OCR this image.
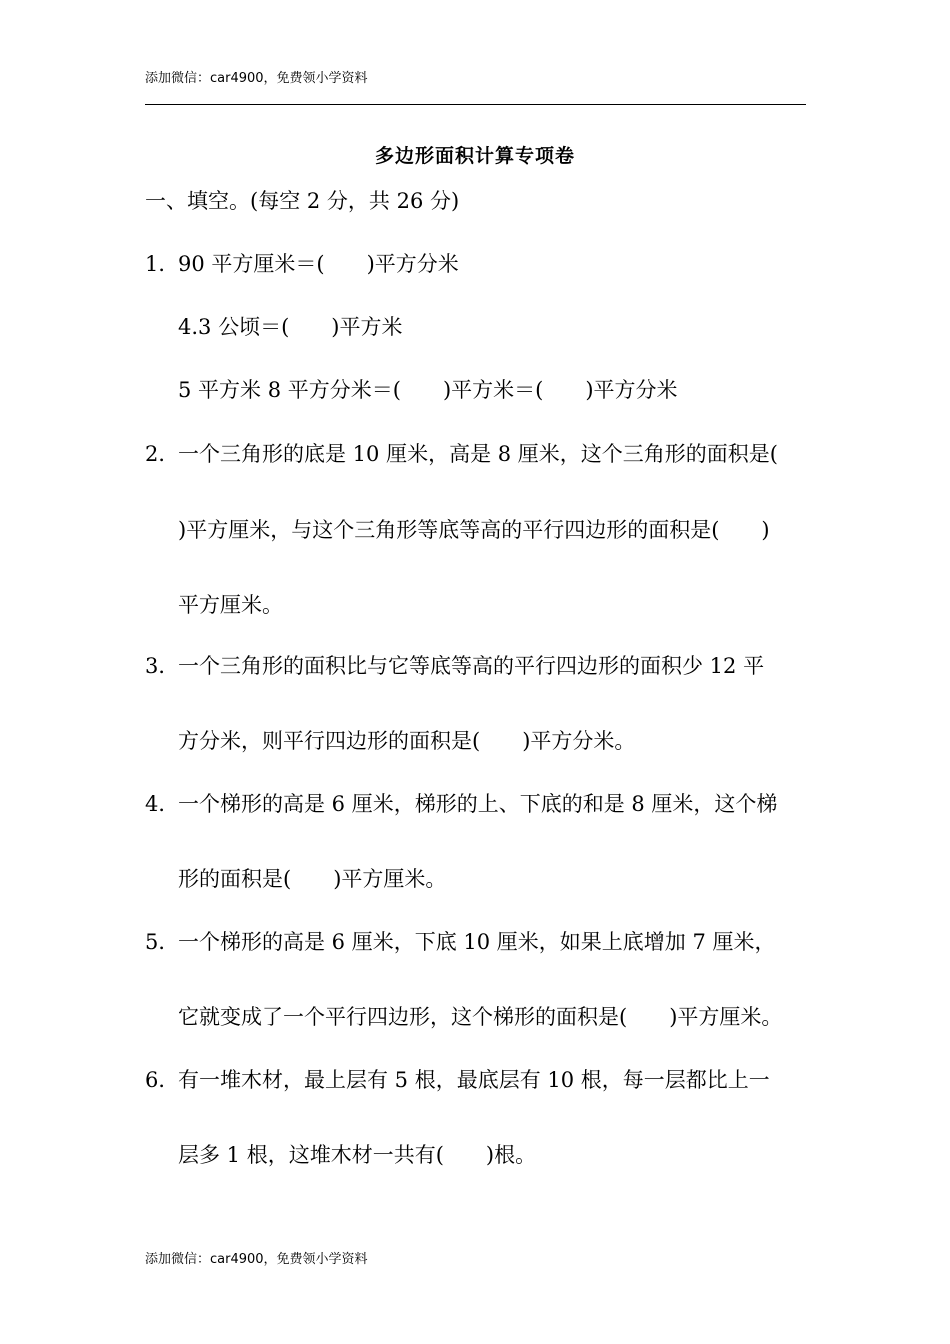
添加微信：car4900，免费领小学资料
多边形面积计算专项卷
一、填空。(每空 2 分，共 26 分)
1．
90 平方厘米＝(　　)平方分米
4.3 公顷＝(　　)平方米
5 平方米 8 平方分米＝(　　)平方米＝(　　)平方分米
2．
一个三角形的底是 10 厘米，高是 8 厘米，这个三角形的面积是(
)平方厘米，与这个三角形等底等高的平行四边形的面积是(　　)
平方厘米。
3．
一个三角形的面积比与它等底等高的平行四边形的面积少 12 平
方分米，则平行四边形的面积是(　　)平方分米。
4．
一个梯形的高是 6 厘米，梯形的上、下底的和是 8 厘米，这个梯
形的面积是(　　)平方厘米。
5．
一个梯形的高是 6 厘米，下底 10 厘米，如果上底增加 7 厘米，
它就变成了一个平行四边形，这个梯形的面积是(　　)平方厘米。
6．
有一堆木材，最上层有 5 根，最底层有 10 根，每一层都比上一
层多 1 根，这堆木材一共有(　　)根。
添加微信：car4900，免费领小学资料
